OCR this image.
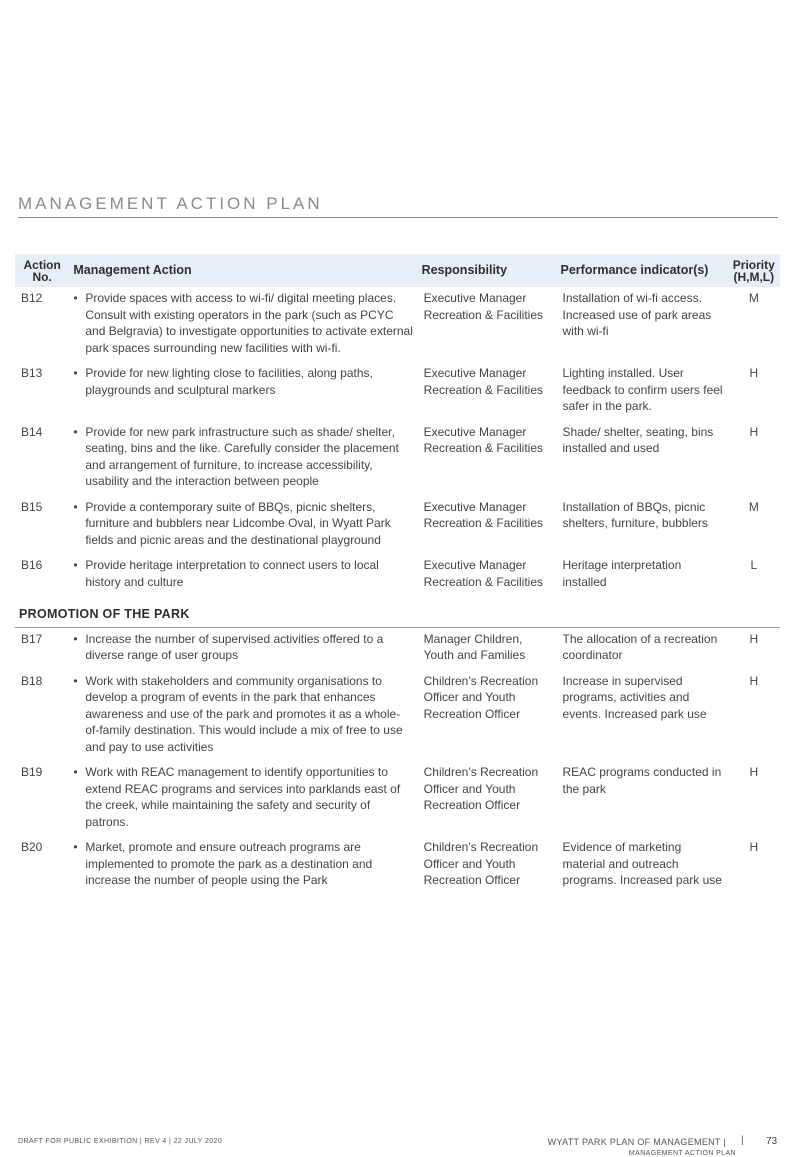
MANAGEMENT ACTION PLAN
Action No.	Management Action	Responsibility	Performance indicator(s)	Priority (H,M,L)
B12	• Provide spaces with access to wi-fi/ digital meeting places. Consult with existing operators in the park (such as PCYC and Belgravia) to investigate opportunities to activate external park spaces surrounding new facilities with wi-fi.	Executive Manager Recreation & Facilities	Installation of wi-fi access. Increased use of park areas with wi-fi	M
B13	• Provide for new lighting close to facilities, along paths, playgrounds and sculptural markers	Executive Manager Recreation & Facilities	Lighting installed. User feedback to confirm users feel safer in the park.	H
B14	• Provide for new park infrastructure such as shade/ shelter, seating, bins and the like. Carefully consider the placement and arrangement of furniture, to increase accessibility, usability and the interaction between people	Executive Manager Recreation & Facilities	Shade/ shelter, seating, bins installed and used	H
B15	• Provide a contemporary suite of BBQs, picnic shelters, furniture and bubblers near Lidcombe Oval, in Wyatt Park fields and picnic areas and the destinational playground	Executive Manager Recreation & Facilities	Installation of BBQs, picnic shelters, furniture, bubblers	M
B16	• Provide heritage interpretation to connect users to local history and culture	Executive Manager Recreation & Facilities	Heritage interpretation installed	L
PROMOTION OF THE PARK				
B17	• Increase the number of supervised activities offered to a diverse range of user groups	Manager Children, Youth and Families	The allocation of a recreation coordinator	H
B18	• Work with stakeholders and community organisations to develop a program of events in the park that enhances awareness and use of the park and promotes it as a whole-of-family destination. This would include a mix of free to use and pay to use activities	Children’s Recreation Officer and Youth Recreation Officer	Increase in supervised programs, activities and events. Increased park use	H
B19	• Work with REAC management to identify opportunities to extend REAC programs and services into parklands east of the creek, while maintaining the safety and security of patrons.	Children’s Recreation Officer and Youth Recreation Officer	REAC programs conducted in the park	H
B20	• Market, promote and ensure outreach programs are implemented to promote the park as a destination and increase the number of people using the Park	Children’s Recreation Officer and Youth Recreation Officer	Evidence of marketing material and outreach programs. Increased park use	H
DRAFT FOR PUBLIC EXHIBITION | REV 4 | 22 JULY 2020	WYATT PARK PLAN OF MANAGEMENT |
MANAGEMENT ACTION PLAN
| 73
